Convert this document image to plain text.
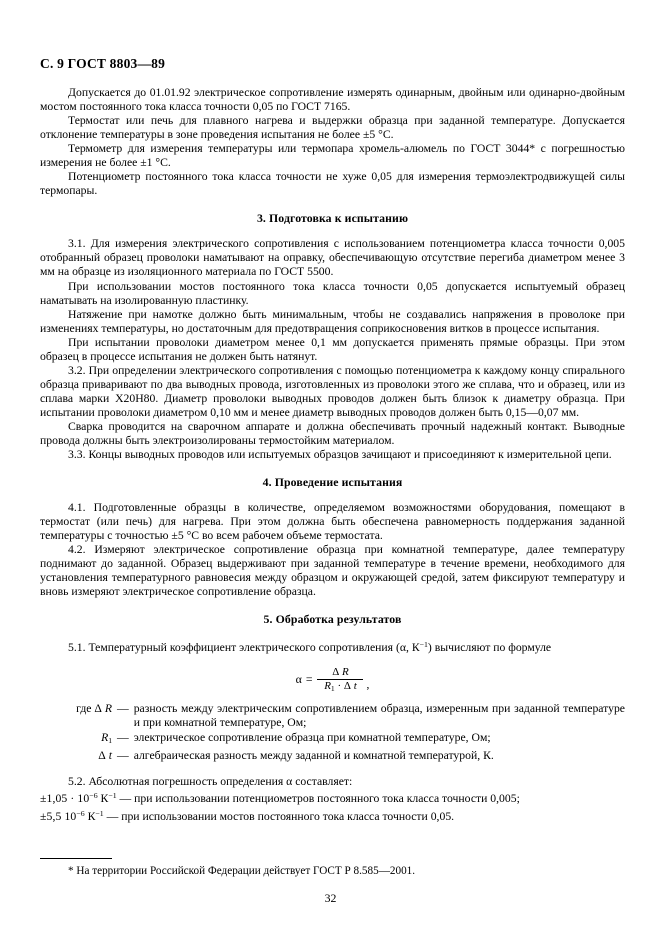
С. 9 ГОСТ 8803—89

Допускается до 01.01.92 электрическое сопротивление измерять одинарным, двойным или одинарно-двойным мостом постоянного тока класса точности 0,05 по ГОСТ 7165.

Термостат или печь для плавного нагрева и выдержки образца при заданной температуре. Допускается отклонение температуры в зоне проведения испытания не более ±5 °С.

Термометр для измерения температуры или термопара хромель-алюмель по ГОСТ 3044* с погрешностью измерения не более ±1 °С.

Потенциометр постоянного тока класса точности не хуже 0,05 для измерения термоэлектродвижущей силы термопары.

3. Подготовка к испытанию

3.1. Для измерения электрического сопротивления с использованием потенциометра класса точности 0,005 отобранный образец проволоки наматывают на оправку, обеспечивающую отсутствие перегиба диаметром менее 3 мм на образце из изоляционного материала по ГОСТ 5500.

При использовании мостов постоянного тока класса точности 0,05 допускается испытуемый образец наматывать на изолированную пластинку.

Натяжение при намотке должно быть минимальным, чтобы не создавались напряжения в проволоке при изменениях температуры, но достаточным для предотвращения соприкосновения витков в процессе испытания.

При испытании проволоки диаметром менее 0,1 мм допускается применять прямые образцы. При этом образец в процессе испытания не должен быть натянут.

3.2. При определении электрического сопротивления с помощью потенциометра к каждому концу спирального образца приваривают по два выводных провода, изготовленных из проволоки этого же сплава, что и образец, или из сплава марки Х20Н80. Диаметр проволоки выводных проводов должен быть близок к диаметру образца. При испытании проволоки диаметром 0,10 мм и менее диаметр выводных проводов должен быть 0,15—0,07 мм.

Сварка проводится на сварочном аппарате и должна обеспечивать прочный надежный контакт. Выводные провода должны быть электроизолированы термостойким материалом.

3.3. Концы выводных проводов или испытуемых образцов зачищают и присоединяют к измерительной цепи.

4. Проведение испытания

4.1. Подготовленные образцы в количестве, определяемом возможностями оборудования, помещают в термостат (или печь) для нагрева. При этом должна быть обеспечена равномерность поддержания заданной температуры с точностью ±5 °С во всем рабочем объеме термостата.

4.2. Измеряют электрическое сопротивление образца при комнатной температуре, далее температуру поднимают до заданной. Образец выдерживают при заданной температуре в течение времени, необходимого для установления температурного равновесия между образцом и окружающей средой, затем фиксируют температуру и вновь измеряют электрическое сопротивление образца.

5. Обработка результатов

5.1. Температурный коэффициент электрического сопротивления (α, $К^{-1}$) вычисляют по формуле

$\alpha = \frac{\text{Δ R}}{R_1 \cdot \Delta t}$ ,
где Δ R — разность между электрическим сопротивлением образца, измеренным при заданной температуре и при комнатной температуре, Ом;
$R_1$ — электрическое сопротивление образца при комнатной температуре, Ом;
Δ t — алгебраическая разность между заданной и комнатной температурой, К.

5.2. Абсолютная погрешность определения α составляет:

$\pm 1,05 \cdot 10^{-6}$ $К^{-1}$ — при использовании потенциометров постоянного тока класса точности 0,005;

±5,5 $10^{-6}$ $К^{-1}$ — при использовании мостов постоянного тока класса точности 0,05.

* На территории Российской Федерации действует ГОСТ Р 8.585—2001.

32
